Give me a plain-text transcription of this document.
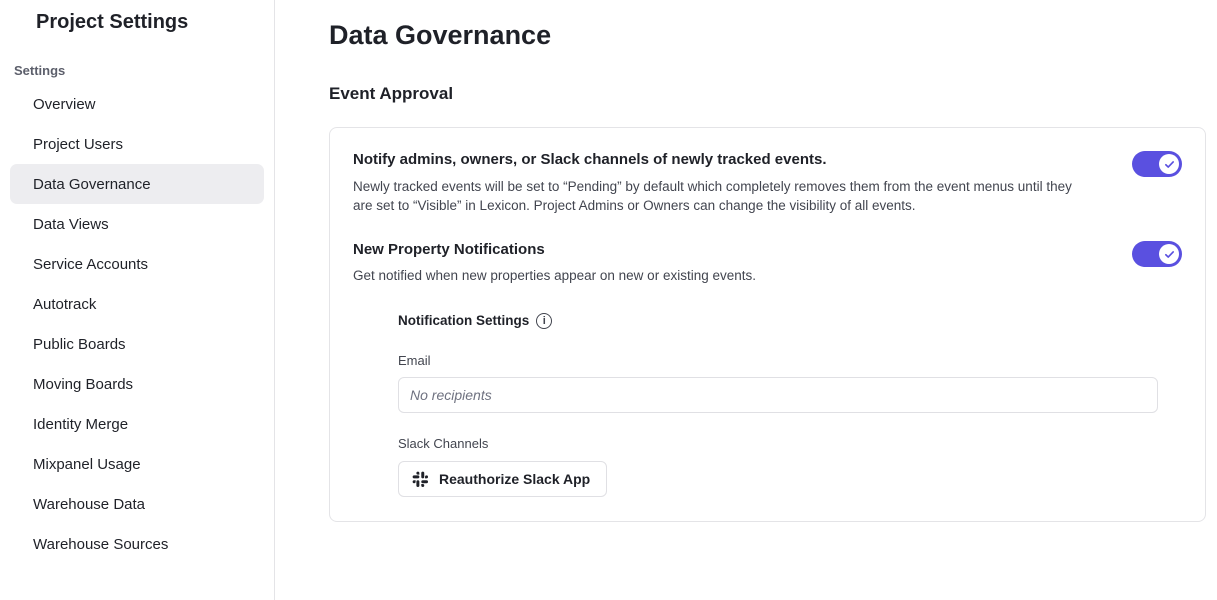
Project Settings
Settings
Overview
Project Users
Data Governance
Data Views
Service Accounts
Autotrack
Public Boards
Moving Boards
Identity Merge
Mixpanel Usage
Warehouse Data
Warehouse Sources
Data Governance
Event Approval
Notify admins, owners, or Slack channels of newly tracked events.
Newly tracked events will be set to “Pending” by default which completely removes them from the event menus until they are set to “Visible” in Lexicon. Project Admins or Owners can change the visibility of all events.
New Property Notifications
Get notified when new properties appear on new or existing events.
Notification Settings	i
Email
No recipients
Slack Channels
Reauthorize Slack App
